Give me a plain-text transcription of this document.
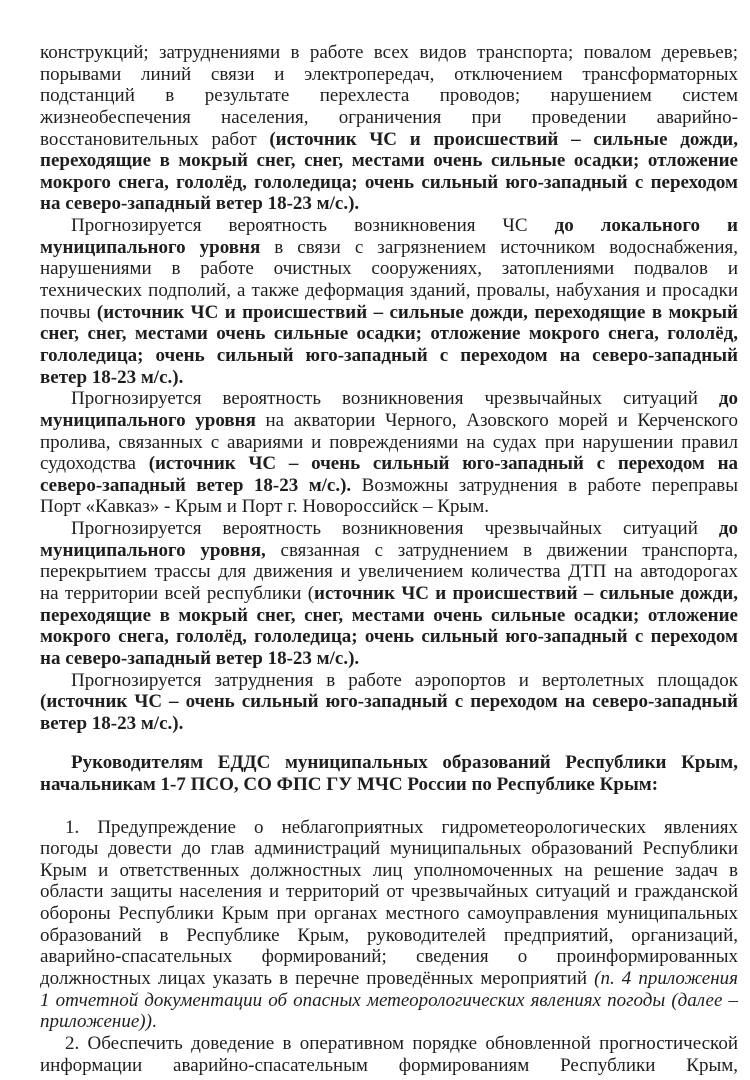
конструкций; затруднениями в работе всех видов транспорта; повалом деревьев;
порывами линий связи и электропередач, отключением трансформаторных
подстанций в результате перехлеста проводов; нарушением систем
жизнеобеспечения населения, ограничения при проведении аварийно-
восстановительных работ (источник ЧС и происшествий – сильные дожди,
переходящие в мокрый снег, снег, местами очень сильные осадки; отложение
мокрого снега, гололёд, гололедица; очень сильный юго-западный с переходом
на северо-западный ветер 18-23 м/с.).
Прогнозируется вероятность возникновения ЧС до локального и
муниципального уровня в связи с загрязнением источником водоснабжения,
нарушениями в работе очистных сооружениях, затоплениями подвалов и
технических подполий, а также деформация зданий, провалы, набухания и просадки
почвы (источник ЧС и происшествий – сильные дожди, переходящие в мокрый
снег, снег, местами очень сильные осадки; отложение мокрого снега, гололёд,
гололедица; очень сильный юго-западный с переходом на северо-западный
ветер 18-23 м/с.).
Прогнозируется вероятность возникновения чрезвычайных ситуаций до
муниципального уровня на акватории Черного, Азовского морей и Керченского
пролива, связанных с авариями и повреждениями на судах при нарушении правил
судоходства (источник ЧС – очень сильный юго-западный с переходом на
северо-западный ветер 18-23 м/с.). Возможны затруднения в работе переправы
Порт «Кавказ» - Крым и Порт г. Новороссийск – Крым.
Прогнозируется вероятность возникновения чрезвычайных ситуаций до
муниципального уровня, связанная с затруднением в движении транспорта,
перекрытием трассы для движения и увеличением количества ДТП на автодорогах
на территории всей республики (источник ЧС и происшествий – сильные дожди,
переходящие в мокрый снег, снег, местами очень сильные осадки; отложение
мокрого снега, гололёд, гололедица; очень сильный юго-западный с переходом
на северо-западный ветер 18-23 м/с.).
Прогнозируется затруднения в работе аэропортов и вертолетных площадок
(источник ЧС – очень сильный юго-западный с переходом на северо-западный
ветер 18-23 м/с.).
Руководителям ЕДДС муниципальных образований Республики Крым,
начальникам 1-7 ПСО, СО ФПС ГУ МЧС России по Республике Крым:
1. Предупреждение о неблагоприятных гидрометеорологических явлениях
погоды довести до глав администраций муниципальных образований Республики
Крым и ответственных должностных лиц уполномоченных на решение задач в
области защиты населения и территорий от чрезвычайных ситуаций и гражданской
обороны Республики Крым при органах местного самоуправления муниципальных
образований в Республике Крым, руководителей предприятий, организаций,
аварийно-спасательных формирований; сведения о проинформированных
должностных лицах указать в перечне проведённых мероприятий (п. 4 приложения
1 отчетной документации об опасных метеорологических явлениях погоды (далее –
приложение)).
2. Обеспечить доведение в оперативном порядке обновленной прогностической
информации аварийно-спасательным формированиям Республики Крым,
